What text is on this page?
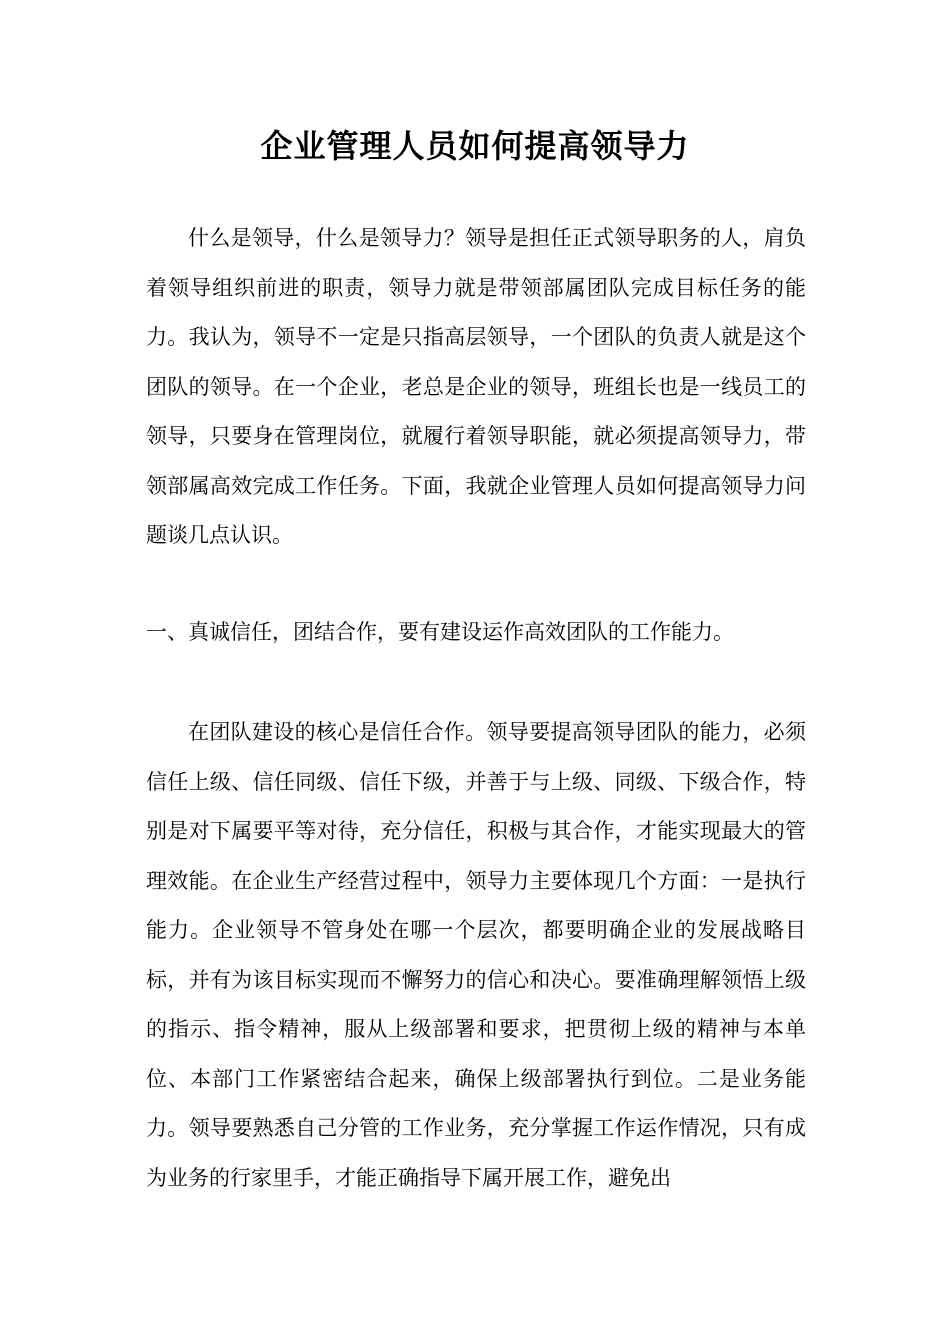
企业管理人员如何提高领导力

什么是领导，什么是领导力？领导是担任正式领导职务的人，肩负着领导组织前进的职责，领导力就是带领部属团队完成目标任务的能力。我认为，领导不一定是只指高层领导，一个团队的负责人就是这个团队的领导。在一个企业，老总是企业的领导，班组长也是一线员工的领导，只要身在管理岗位，就履行着领导职能，就必须提高领导力，带领部属高效完成工作任务。下面，我就企业管理人员如何提高领导力问题谈几点认识。

一、真诚信任，团结合作，要有建设运作高效团队的工作能力。

在团队建设的核心是信任合作。领导要提高领导团队的能力，必须信任上级、信任同级、信任下级，并善于与上级、同级、下级合作，特别是对下属要平等对待，充分信任，积极与其合作，才能实现最大的管理效能。在企业生产经营过程中，领导力主要体现几个方面：一是执行能力。企业领导不管身处在哪一个层次，都要明确企业的发展战略目标，并有为该目标实现而不懈努力的信心和决心。要准确理解领悟上级的指示、指令精神，服从上级部署和要求，把贯彻上级的精神与本单位、本部门工作紧密结合起来，确保上级部署执行到位。二是业务能力。领导要熟悉自己分管的工作业务，充分掌握工作运作情况，只有成为业务的行家里手，才能正确指导下属开展工作，避免出
